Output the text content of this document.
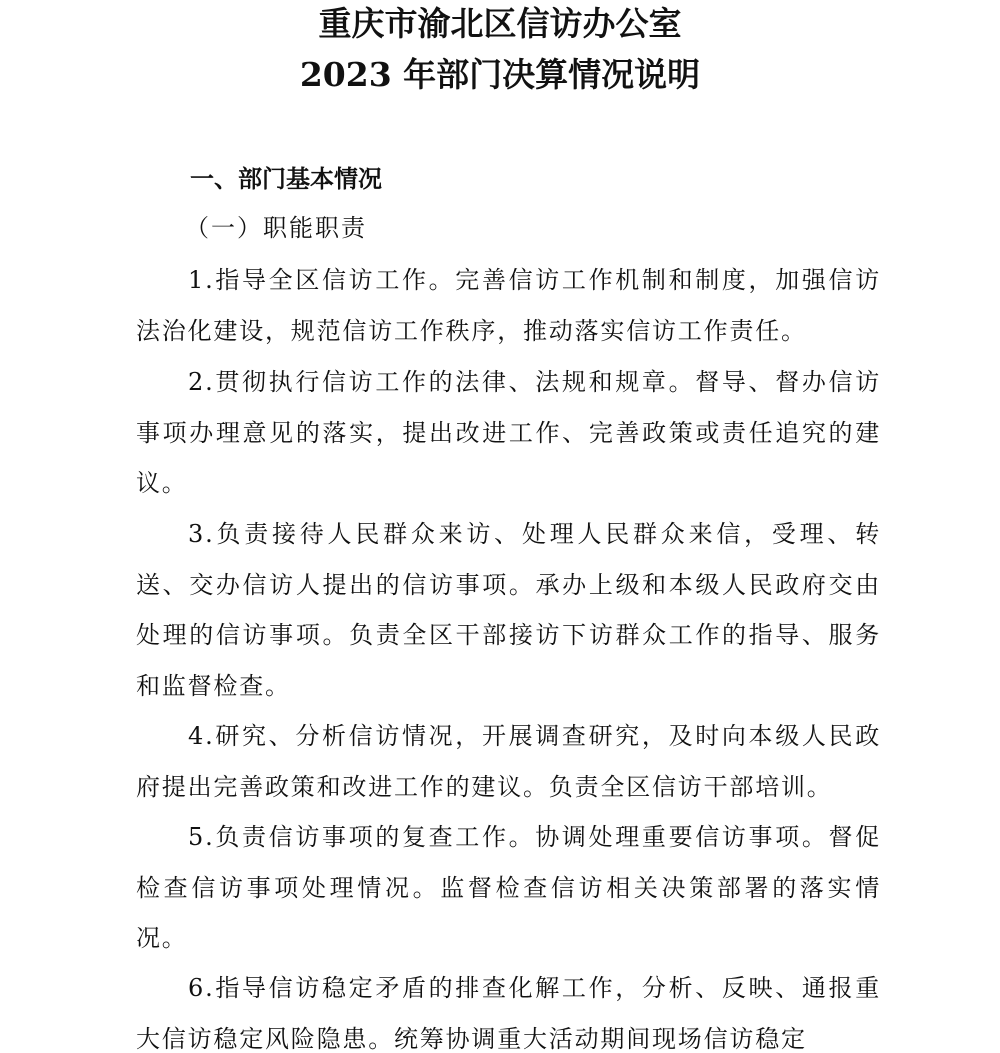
重庆市渝北区信访办公室
2023 年部门决算情况说明
一、部门基本情况
（一）职能职责

1.指导全区信访工作。完善信访工作机制和制度，加强信访法治化建设，规范信访工作秩序，推动落实信访工作责任。

2.贯彻执行信访工作的法律、法规和规章。督导、督办信访事项办理意见的落实，提出改进工作、完善政策或责任追究的建议。

3.负责接待人民群众来访、处理人民群众来信，受理、转送、交办信访人提出的信访事项。承办上级和本级人民政府交由处理的信访事项。负责全区干部接访下访群众工作的指导、服务和监督检查。

4.研究、分析信访情况，开展调查研究，及时向本级人民政府提出完善政策和改进工作的建议。负责全区信访干部培训。

5.负责信访事项的复查工作。协调处理重要信访事项。督促检查信访事项处理情况。监督检查信访相关决策部署的落实情况。

6.指导信访稳定矛盾的排查化解工作，分析、反映、通报重大信访稳定风险隐患。统筹协调重大活动期间现场信访稳定
